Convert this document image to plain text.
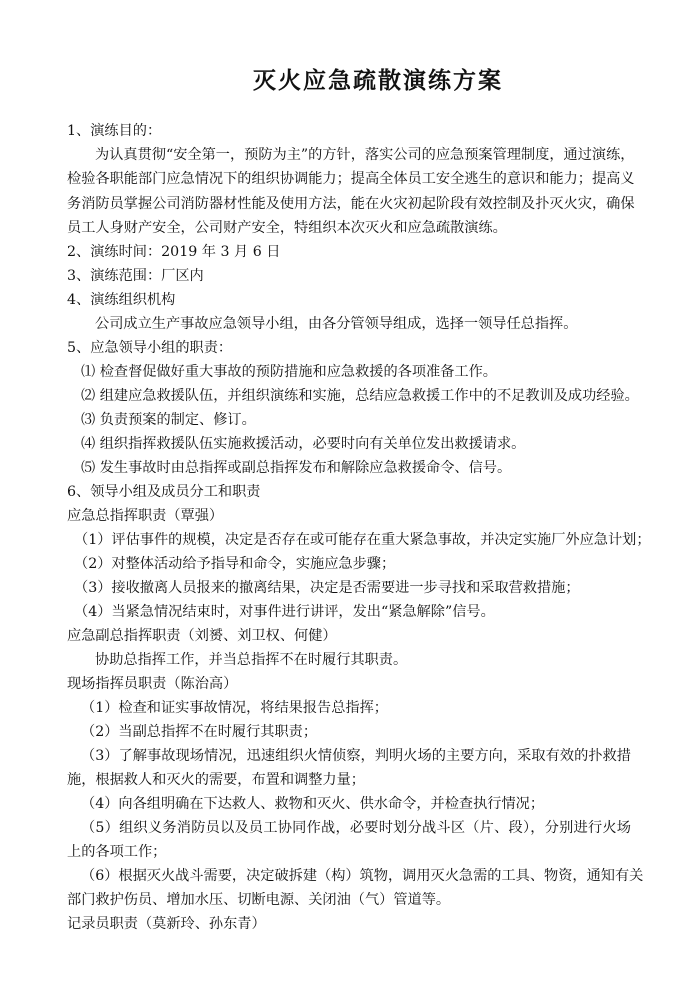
灭火应急疏散演练方案
1、演练目的：
为认真贯彻“安全第一，预防为主”的方针，落实公司的应急预案管理制度，通过演练，
检验各职能部门应急情况下的组织协调能力；提高全体员工安全逃生的意识和能力；提高义
务消防员掌握公司消防器材性能及使用方法，能在火灾初起阶段有效控制及扑灭火灾，确保
员工人身财产安全，公司财产安全，特组织本次灭火和应急疏散演练。
2、演练时间：2019 年 3 月 6 日
3、演练范围：厂区内
4、演练组织机构
公司成立生产事故应急领导小组，由各分管领导组成，选择一领导任总指挥。
5、应急领导小组的职责：
⑴ 检查督促做好重大事故的预防措施和应急救援的各项准备工作。
⑵ 组建应急救援队伍，并组织演练和实施，总结应急救援工作中的不足教训及成功经验。
⑶ 负责预案的制定、修订。
⑷ 组织指挥救援队伍实施救援活动，必要时向有关单位发出救援请求。
⑸ 发生事故时由总指挥或副总指挥发布和解除应急救援命令、信号。
6、领导小组及成员分工和职责
应急总指挥职责（覃强）
（1）评估事件的规模，决定是否存在或可能存在重大紧急事故，并决定实施厂外应急计划；
（2）对整体活动给予指导和命令，实施应急步骤；
（3）接收撤离人员报来的撤离结果，决定是否需要进一步寻找和采取营救措施；
（4）当紧急情况结束时，对事件进行讲评，发出“紧急解除”信号。
应急副总指挥职责（刘赟、刘卫权、何健）
协助总指挥工作，并当总指挥不在时履行其职责。
现场指挥员职责（陈治高）
（1）检查和证实事故情况，将结果报告总指挥；
（2）当副总指挥不在时履行其职责；
（3）了解事故现场情况，迅速组织火情侦察，判明火场的主要方向，采取有效的扑救措
施，根据救人和灭火的需要，布置和调整力量；
（4）向各组明确在下达救人、救物和灭火、供水命令，并检查执行情况；
（5）组织义务消防员以及员工协同作战，必要时划分战斗区（片、段），分别进行火场
上的各项工作；
（6）根据灭火战斗需要，决定破拆建（构）筑物，调用灭火急需的工具、物资，通知有关
部门救护伤员、增加水压、切断电源、关闭油（气）管道等。
记录员职责（莫新玲、孙东青）
